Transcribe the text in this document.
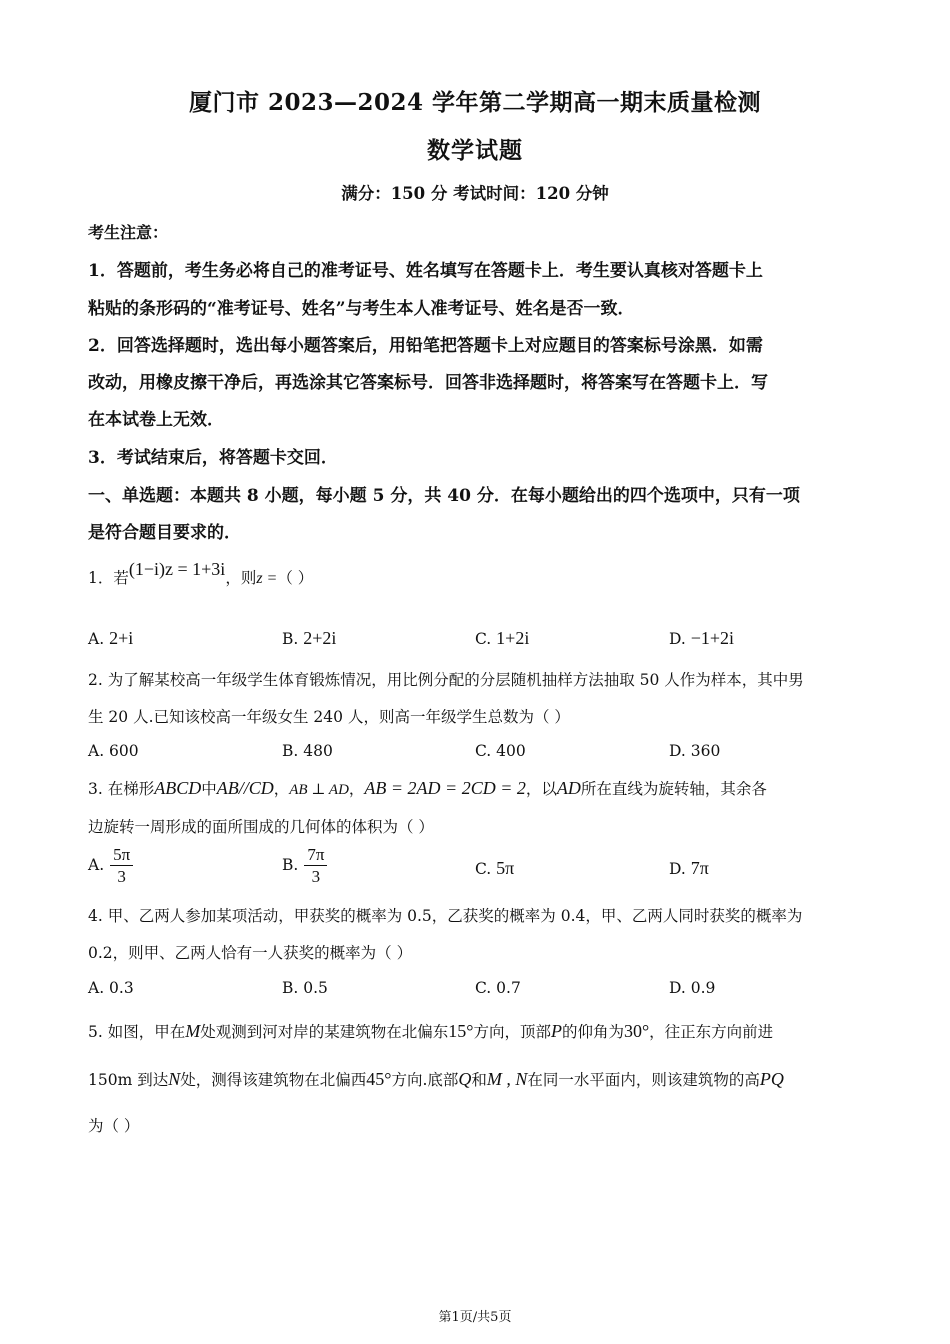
厦门市 2023—2024 学年第二学期高一期末质量检测
数学试题
满分：150 分 考试时间：120 分钟
考生注意：
1．答题前，考生务必将自己的准考证号、姓名填写在答题卡上．考生要认真核对答题卡上
粘贴的条形码的“准考证号、姓名”与考生本人准考证号、姓名是否一致．
2．回答选择题时，选出每小题答案后，用铅笔把答题卡上对应题目的答案标号涂黑．如需
改动，用橡皮擦干净后，再选涂其它答案标号．回答非选择题时，将答案写在答题卡上．写
在本试卷上无效．
3．考试结束后，将答题卡交回．
一、单选题：本题共 8 小题，每小题 5 分，共 40 分．在每小题给出的四个选项中，只有一项
是符合题目要求的．
1．若(1−i)z = 1+3i，则z =（ ）
A. 2+i	B. 2+2i	C. 1+2i	D. −1+2i
2. 为了解某校高一年级学生体育锻炼情况，用比例分配的分层随机抽样方法抽取 50 人作为样本，其中男
生 20 人.已知该校高一年级女生 240 人，则高一年级学生总数为（ ）
A. 600	B. 480	C. 400	D. 360
3. 在梯形ABCD中AB//CD，AB ⊥ AD，AB = 2AD = 2CD = 2，以AD所在直线为旋转轴，其余各
边旋转一周形成的面所围成的几何体的体积为（ ）
A. $\frac{5\pi}{3}$	B. $\frac{7\pi}{3}$	C. 5π	D. 7π
4. 甲、乙两人参加某项活动，甲获奖的概率为 0.5，乙获奖的概率为 0.4，甲、乙两人同时获奖的概率为
0.2，则甲、乙两人恰有一人获奖的概率为（ ）
A. 0.3	B. 0.5	C. 0.7	D. 0.9
5. 如图，甲在M处观测到河对岸的某建筑物在北偏东15°方向，顶部P的仰角为30°，往正东方向前进
150m 到达N处，测得该建筑物在北偏西45°方向.底部Q和M , N在同一水平面内，则该建筑物的高PQ
为（ ）
第1页/共5页
